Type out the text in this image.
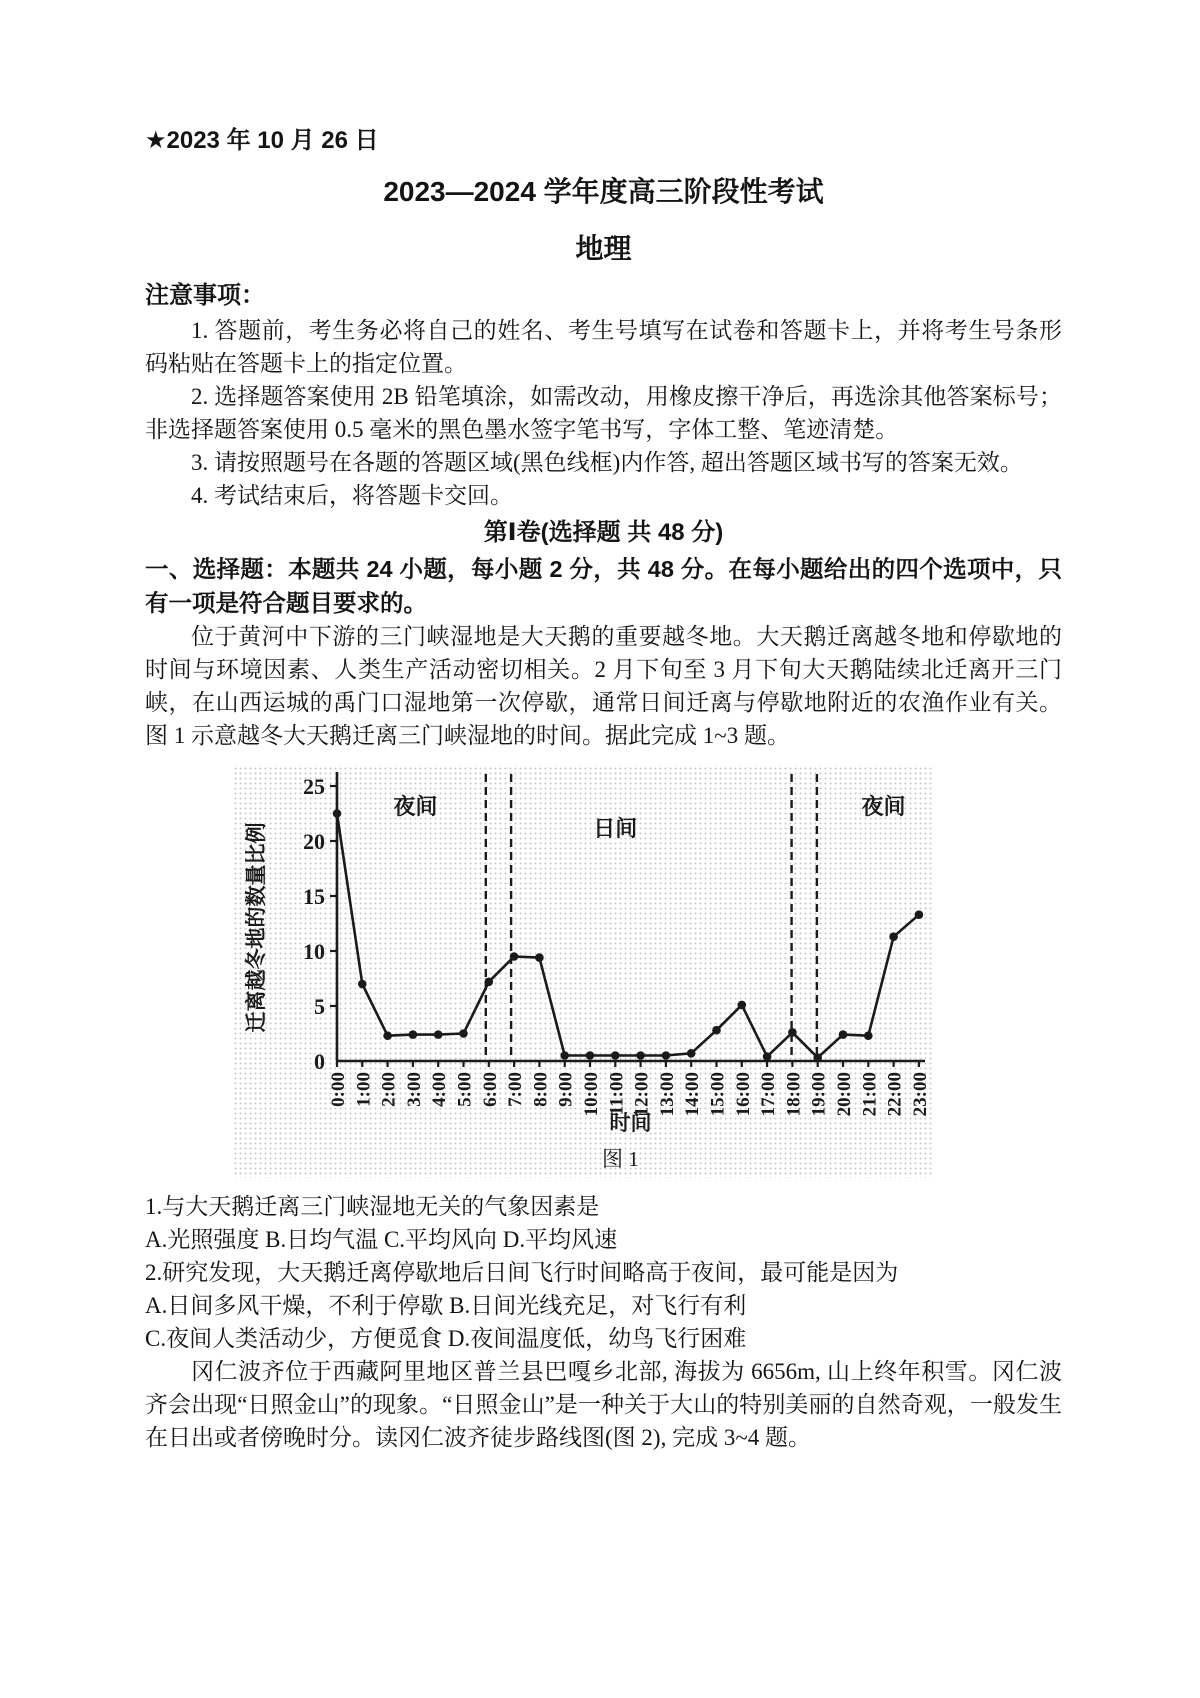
★2023 年 10 月 26 日
2023—2024 学年度高三阶段性考试
地理
注意事项：

1. 答题前，考生务必将自己的姓名、考生号填写在试卷和答题卡上，并将考生号条形码粘贴在答题卡上的指定位置。

2. 选择题答案使用 2B 铅笔填涂，如需改动，用橡皮擦干净后，再选涂其他答案标号；非选择题答案使用 0.5 毫米的黑色墨水签字笔书写，字体工整、笔迹清楚。

3. 请按照题号在各题的答题区域(黑色线框)内作答, 超出答题区域书写的答案无效。

4. 考试结束后，将答题卡交回。

第Ⅰ卷(选择题 共 48 分)

一、选择题：本题共 24 小题，每小题 2 分，共 48 分。在每小题给出的四个选项中，只有一项是符合题目要求的。

位于黄河中下游的三门峡湿地是大天鹅的重要越冬地。大天鹅迁离越冬地和停歇地的时间与环境因素、人类生产活动密切相关。2 月下旬至 3 月下旬大天鹅陆续北迁离开三门峡，在山西运城的禹门口湿地第一次停歇，通常日间迁离与停歇地附近的农渔作业有关。图 1 示意越冬大天鹅迁离三门峡湿地的时间。据此完成 1~3 题。

0
5
10
15
20
25
0:00 1:00 2:00 3:00 4:00 5:00 6:00 7:00 8:00 9:00 10:00 11:00 12:00 13:00 14:00 15:00 16:00 17:00 18:00 19:00 20:00 21:00 22:00 23:00
夜间
日间
夜间
时间
图 1
迁离越冬地的数量比例

1.与大天鹅迁离三门峡湿地无关的气象因素是

A.光照强度 B.日均气温 C.平均风向 D.平均风速

2.研究发现，大天鹅迁离停歇地后日间飞行时间略高于夜间，最可能是因为

A.日间多风干燥，不利于停歇 B.日间光线充足，对飞行有利

C.夜间人类活动少，方便觅食 D.夜间温度低，幼鸟飞行困难

冈仁波齐位于西藏阿里地区普兰县巴嘎乡北部, 海拔为 6656m, 山上终年积雪。冈仁波齐会出现“日照金山”的现象。“日照金山”是一种关于大山的特别美丽的自然奇观，一般发生在日出或者傍晚时分。读冈仁波齐徒步路线图(图 2), 完成 3~4 题。
